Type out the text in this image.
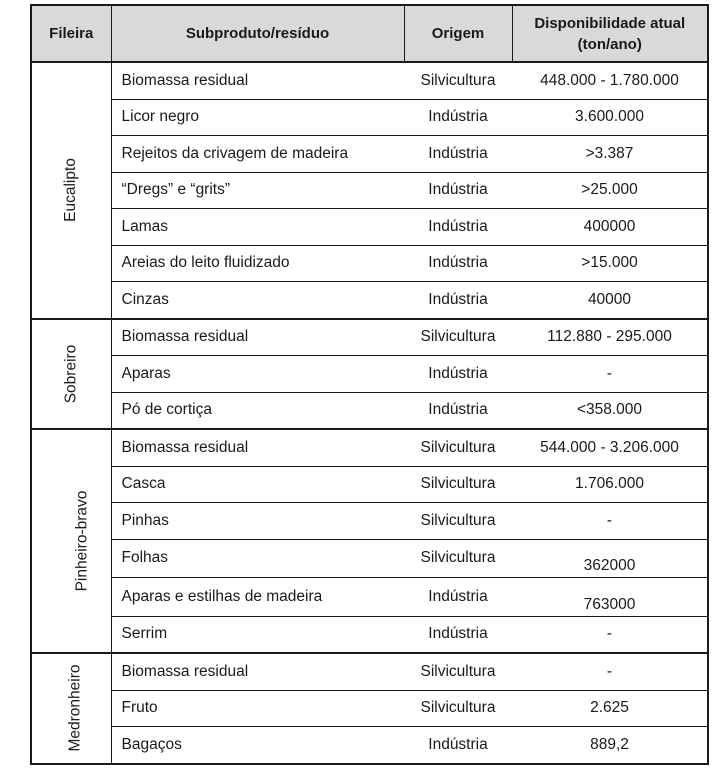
Fileira	Subproduto/resíduo	Origem	Disponibilidade atual
(ton/ano)

Eucalipto	Biomassa residual	Silvicultura	448.000 - 1.780.000
	Licor negro	Indústria	3.600.000
	Rejeitos da crivagem de madeira	Indústria	>3.387
	“Dregs” e “grits”	Indústria	>25.000
	Lamas	Indústria	400000
	Areias do leito fluidizado	Indústria	>15.000
	Cinzas	Indústria	40000
Sobreiro	Biomassa residual	Silvicultura	112.880 - 295.000
	Aparas	Indústria	-
	Pó de cortiça	Indústria	<358.000
Pinheiro-bravo	Biomassa residual	Silvicultura	544.000 - 3.206.000
	Casca	Silvicultura	1.706.000
	Pinhas	Silvicultura	-
	Folhas	Silvicultura	362000
	Aparas e estilhas de madeira	Indústria	763000
	Serrim	Indústria	-
Medronheiro	Biomassa residual	Silvicultura	-
	Fruto	Silvicultura	2.625
	Bagaços	Indústria	889,2
